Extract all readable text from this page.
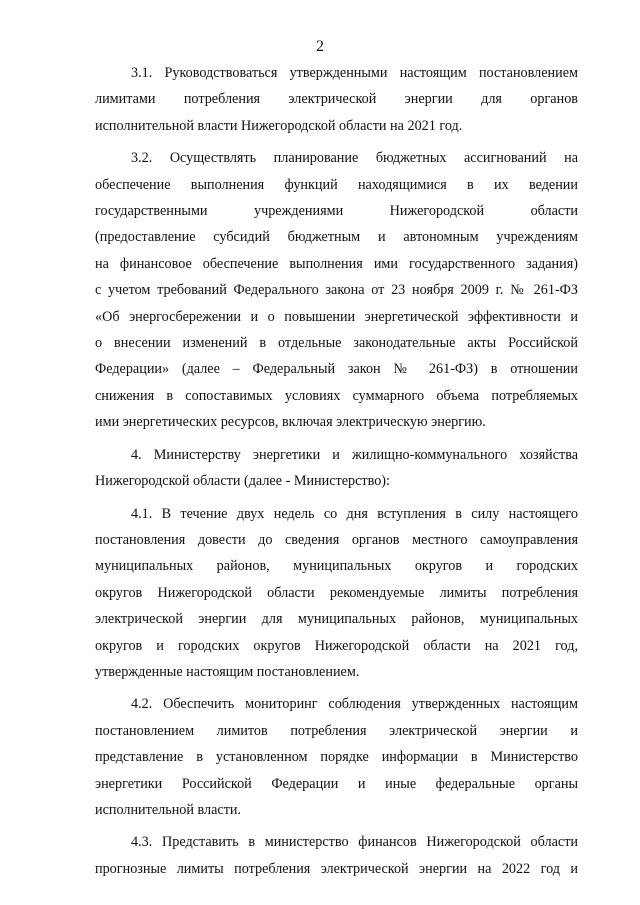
2
3.1. Руководствоваться утвержденными настоящим постановлением
лимитами потребления электрической энергии для органов
исполнительной власти Нижегородской области на 2021 год.
3.2. Осуществлять планирование бюджетных ассигнований на
обеспечение выполнения функций находящимися в их ведении
государственными учреждениями Нижегородской области
(предоставление субсидий бюджетным и автономным учреждениям
на финансовое обеспечение выполнения ими государственного задания)
с учетом требований Федерального закона от 23 ноября 2009 г. № 261-ФЗ
«Об энергосбережении и о повышении энергетической эффективности и
о внесении изменений в отдельные законодательные акты Российской
Федерации» (далее – Федеральный закон № 261-ФЗ) в отношении
снижения в сопоставимых условиях суммарного объема потребляемых
ими энергетических ресурсов, включая электрическую энергию.
4. Министерству энергетики и жилищно-коммунального хозяйства
Нижегородской области (далее - Министерство):
4.1. В течение двух недель со дня вступления в силу настоящего
постановления довести до сведения органов местного самоуправления
муниципальных районов, муниципальных округов и городских
округов Нижегородской области рекомендуемые лимиты потребления
электрической энергии для муниципальных районов, муниципальных
округов и городских округов Нижегородской области на 2021 год,
утвержденные настоящим постановлением.
4.2. Обеспечить мониторинг соблюдения утвержденных настоящим
постановлением лимитов потребления электрической энергии и
представление в установленном порядке информации в Министерство
энергетики Российской Федерации и иные федеральные органы
исполнительной власти.
4.3. Представить в министерство финансов Нижегородской области
прогнозные лимиты потребления электрической энергии на 2022 год и
